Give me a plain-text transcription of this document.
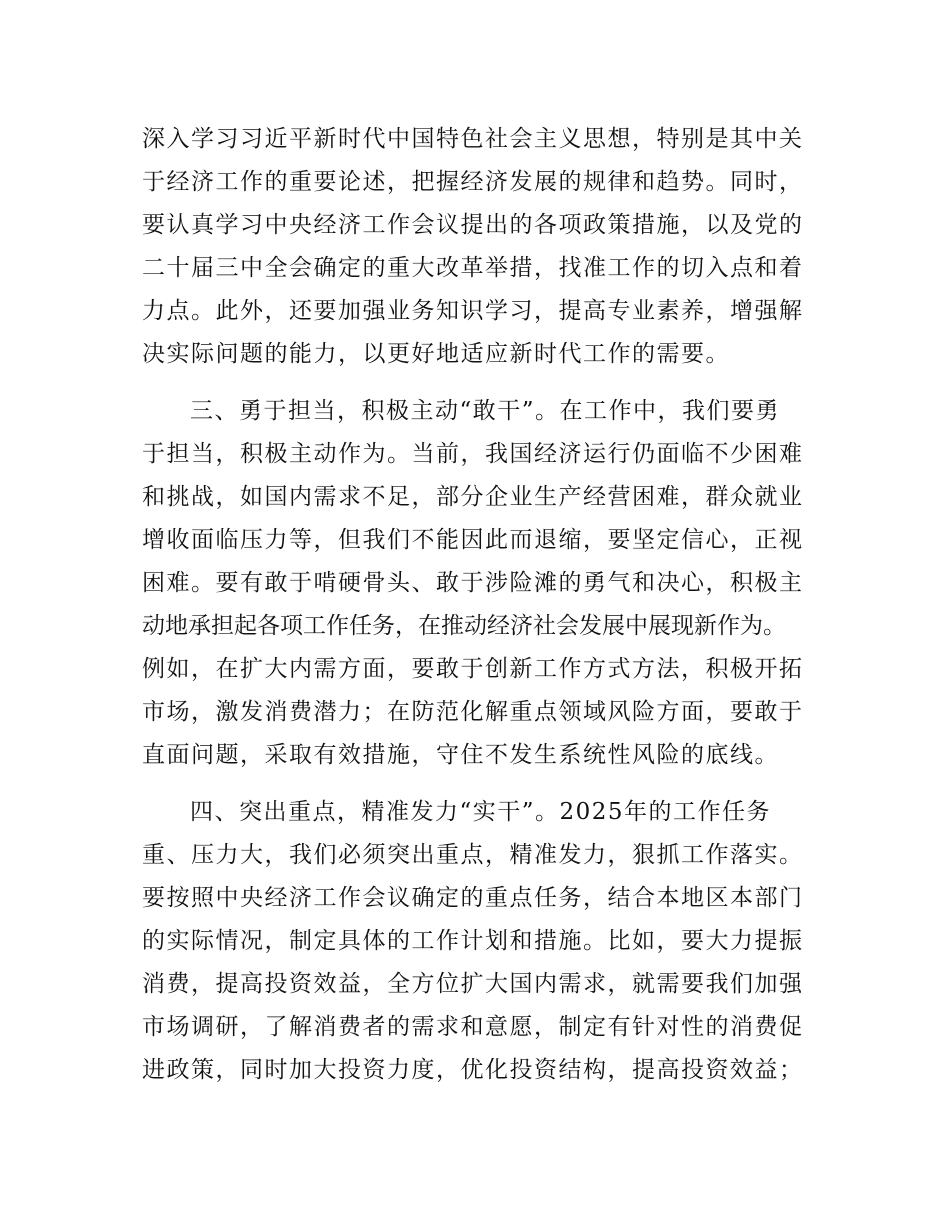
深入学习习近平新时代中国特色社会主义思想，特别是其中关
于经济工作的重要论述，把握经济发展的规律和趋势。同时，
要认真学习中央经济工作会议提出的各项政策措施，以及党的
二十届三中全会确定的重大改革举措，找准工作的切入点和着
力点。此外，还要加强业务知识学习，提高专业素养，增强解
决实际问题的能力，以更好地适应新时代工作的需要。
三、勇于担当，积极主动“敢干”。在工作中，我们要勇
于担当，积极主动作为。当前，我国经济运行仍面临不少困难
和挑战，如国内需求不足，部分企业生产经营困难，群众就业
增收面临压力等，但我们不能因此而退缩，要坚定信心，正视
困难。要有敢于啃硬骨头、敢于涉险滩的勇气和决心，积极主
动地承担起各项工作任务，在推动经济社会发展中展现新作为。
例如，在扩大内需方面，要敢于创新工作方式方法，积极开拓
市场，激发消费潜力；在防范化解重点领域风险方面，要敢于
直面问题，采取有效措施，守住不发生系统性风险的底线。
四、突出重点，精准发力“实干”。2025年的工作任务
重、压力大，我们必须突出重点，精准发力，狠抓工作落实。
要按照中央经济工作会议确定的重点任务，结合本地区本部门
的实际情况，制定具体的工作计划和措施。比如，要大力提振
消费，提高投资效益，全方位扩大国内需求，就需要我们加强
市场调研，了解消费者的需求和意愿，制定有针对性的消费促
进政策，同时加大投资力度，优化投资结构，提高投资效益；
